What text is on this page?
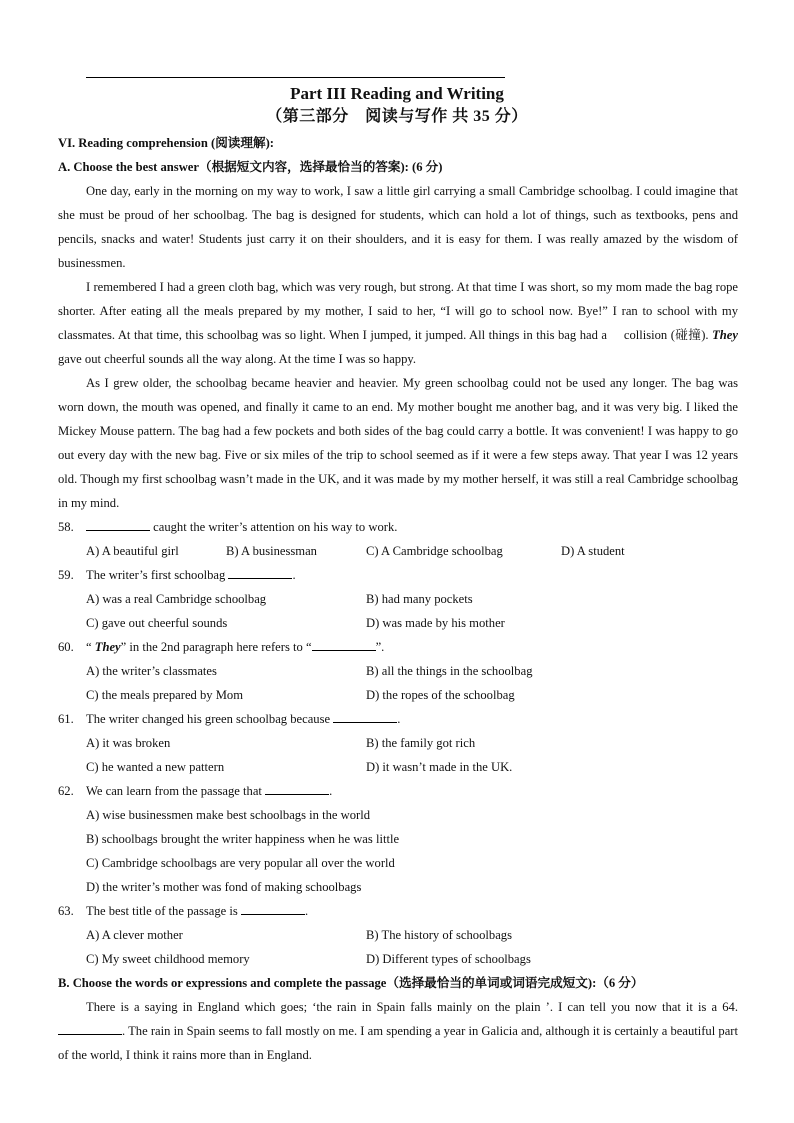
Part III Reading and Writing
（第三部分　阅读与写作 共 35 分）

VI. Reading comprehension (阅读理解):

A. Choose the best answer（根据短文内容，选择最恰当的答案): (6 分)

One day, early in the morning on my way to work, I saw a little girl carrying a small Cambridge schoolbag. I could imagine that she must be proud of her schoolbag. The bag is designed for students, which can hold a lot of things, such as textbooks, pens and pencils, snacks and water! Students just carry it on their shoulders, and it is easy for them. I was really amazed by the wisdom of businessmen.

I remembered I had a green cloth bag, which was very rough, but strong. At that time I was short, so my mom made the bag rope shorter. After eating all the meals prepared by my mother, I said to her, “I will go to school now. Bye!” I ran to school with my classmates. At that time, this schoolbag was so light. When I jumped, it jumped. All things in this bag had a　 collision (碰撞). They gave out cheerful sounds all the way along. At the time I was so happy.

As I grew older, the schoolbag became heavier and heavier. My green schoolbag could not be used any longer. The bag was worn down, the mouth was opened, and finally it came to an end. My mother bought me another bag, and it was very big. I liked the Mickey Mouse pattern. The bag had a few pockets and both sides of the bag could carry a bottle. It was convenient! I was happy to go out every day with the new bag. Five or six miles of the trip to school seemed as if it were a few steps away. That year I was 12 years old. Though my first schoolbag wasn’t made in the UK, and it was made by my mother herself, it was still a real Cambridge schoolbag in my mind.

58.	caught the writer’s attention on his way to work.
A) A beautiful girl	B) A businessman	C) A Cambridge schoolbag	D) A student
59. The writer’s first schoolbag	.
A) was a real Cambridge schoolbag	B) had many pockets
C) gave out cheerful sounds	D) was made by his mother
60. “ They” in the 2nd paragraph here refers to “	”.
A) the writer’s classmates	B) all the things in the schoolbag
C) the meals prepared by Mom	D) the ropes of the schoolbag
61. The writer changed his green schoolbag because	.
A) it was broken	B) the family got rich
C) he wanted a new pattern	D) it wasn’t made in the UK.
62. We can learn from the passage that	.
A) wise businessmen make best schoolbags in the world
B) schoolbags brought the writer happiness when he was little
C) Cambridge schoolbags are very popular all over the world
D) the writer’s mother was fond of making schoolbags
63. The best title of the passage is	.
A) A clever mother	B) The history of schoolbags
C) My sweet childhood memory	D) Different types of schoolbags

B. Choose the words or expressions and complete the passage（选择最恰当的单词或词语完成短文):（6 分）

There is a saying in England which goes; ‘the rain in Spain falls mainly on the plain ’. I can tell you now that it is a 64.. The rain in Spain seems to fall mostly on me. I am spending a year in Galicia and, although it is certainly a beautiful part of the world, I think it rains more than in England.
